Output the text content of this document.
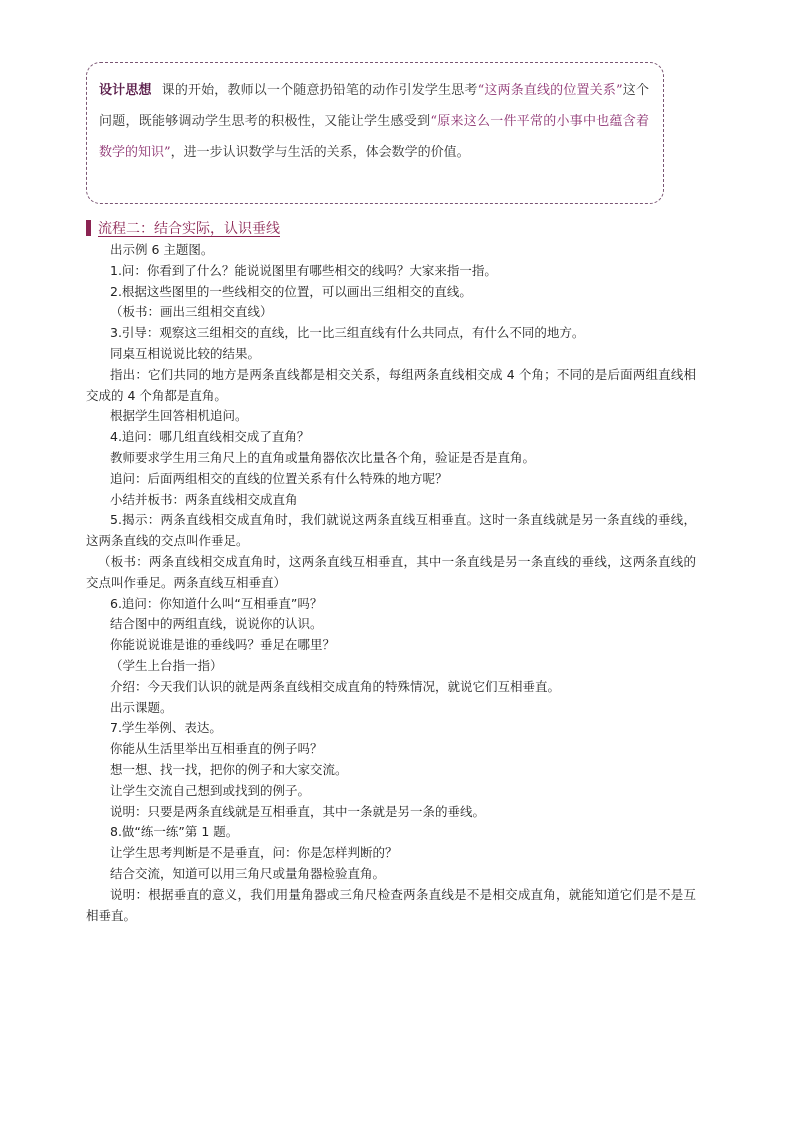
设计思想 课的开始，教师以一个随意扔铅笔的动作引发学生思考“这两条直线的位置关系”这个问题，既能够调动学生思考的积极性，又能让学生感受到“原来这么一件平常的小事中也蕴含着数学的知识”，进一步认识数学与生活的关系，体会数学的价值。
流程二：结合实际，认识垂线

出示例 6 主题图。

1.问：你看到了什么？能说说图里有哪些相交的线吗？大家来指一指。

2.根据这些图里的一些线相交的位置，可以画出三组相交的直线。

（板书：画出三组相交直线）

3.引导：观察这三组相交的直线，比一比三组直线有什么共同点，有什么不同的地方。

同桌互相说说比较的结果。

指出：它们共同的地方是两条直线都是相交关系，每组两条直线相交成 4 个角；不同的是后面两组直线相交成的 4 个角都是直角。

根据学生回答相机追问。

4.追问：哪几组直线相交成了直角？

教师要求学生用三角尺上的直角或量角器依次比量各个角，验证是否是直角。

追问：后面两组相交的直线的位置关系有什么特殊的地方呢？

小结并板书：两条直线相交成直角

5.揭示：两条直线相交成直角时，我们就说这两条直线互相垂直。这时一条直线就是另一条直线的垂线，这两条直线的交点叫作垂足。

（板书：两条直线相交成直角时，这两条直线互相垂直，其中一条直线是另一条直线的垂线，这两条直线的交点叫作垂足。两条直线互相垂直）

6.追问：你知道什么叫“互相垂直”吗？

结合图中的两组直线，说说你的认识。

你能说说谁是谁的垂线吗？垂足在哪里？

（学生上台指一指）

介绍：今天我们认识的就是两条直线相交成直角的特殊情况，就说它们互相垂直。

出示课题。

7.学生举例、表达。

你能从生活里举出互相垂直的例子吗？

想一想、找一找，把你的例子和大家交流。

让学生交流自己想到或找到的例子。

说明：只要是两条直线就是互相垂直，其中一条就是另一条的垂线。

8.做“练一练”第 1 题。

让学生思考判断是不是垂直，问：你是怎样判断的？

结合交流，知道可以用三角尺或量角器检验直角。

说明：根据垂直的意义，我们用量角器或三角尺检查两条直线是不是相交成直角，就能知道它们是不是互相垂直。
